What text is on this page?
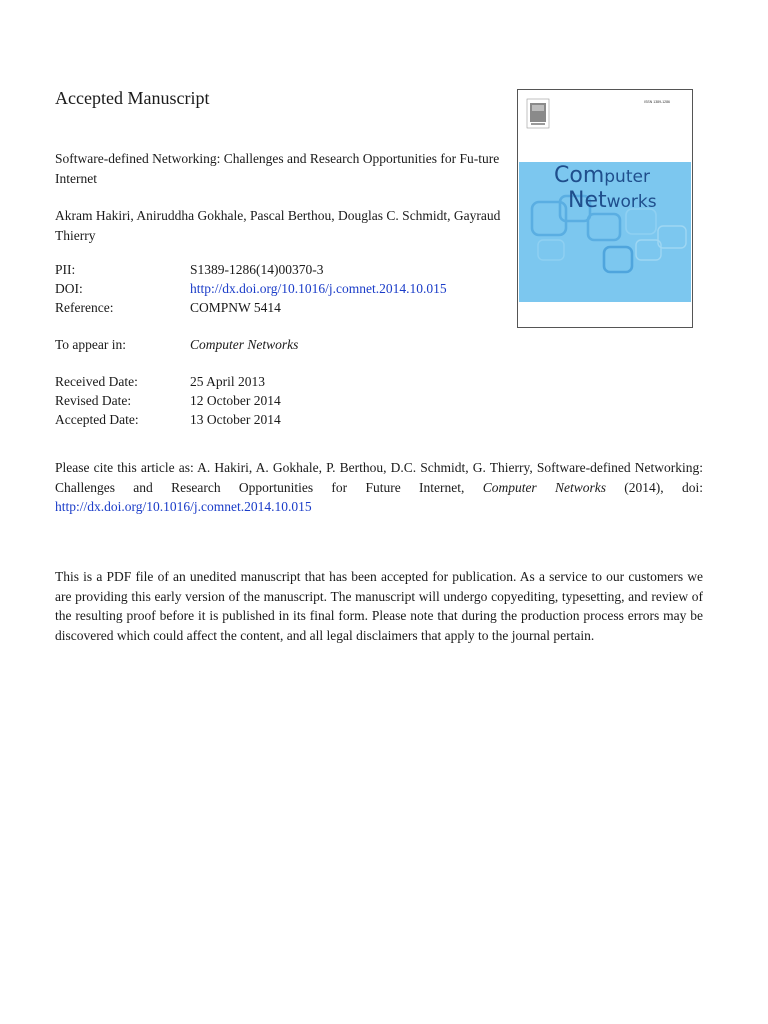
Accepted Manuscript
Software-defined Networking: Challenges and Research Opportunities for Fu-ture Internet
Akram Hakiri, Aniruddha Gokhale, Pascal Berthou, Douglas C. Schmidt, Gayraud Thierry
PII:	S1389-1286(14)00370-3
DOI:	http://dx.doi.org/10.1016/j.comnet.2014.10.015
Reference:	COMPNW 5414
To appear in:	Computer Networks
Received Date:	25 April 2013
Revised Date:	12 October 2014
Accepted Date:	13 October 2014
Please cite this article as: A. Hakiri, A. Gokhale, P. Berthou, D.C. Schmidt, G. Thierry, Software-defined Networking: Challenges and Research Opportunities for Future Internet, Computer Networks (2014), doi: http://dx.doi.org/10.1016/j.comnet.2014.10.015
This is a PDF file of an unedited manuscript that has been accepted for publication. As a service to our customers we are providing this early version of the manuscript. The manuscript will undergo copyediting, typesetting, and review of the resulting proof before it is published in its final form. Please note that during the production process errors may be discovered which could affect the content, and all legal disclaimers that apply to the journal pertain.
ISSN 1389-1286
Computer
Networks
